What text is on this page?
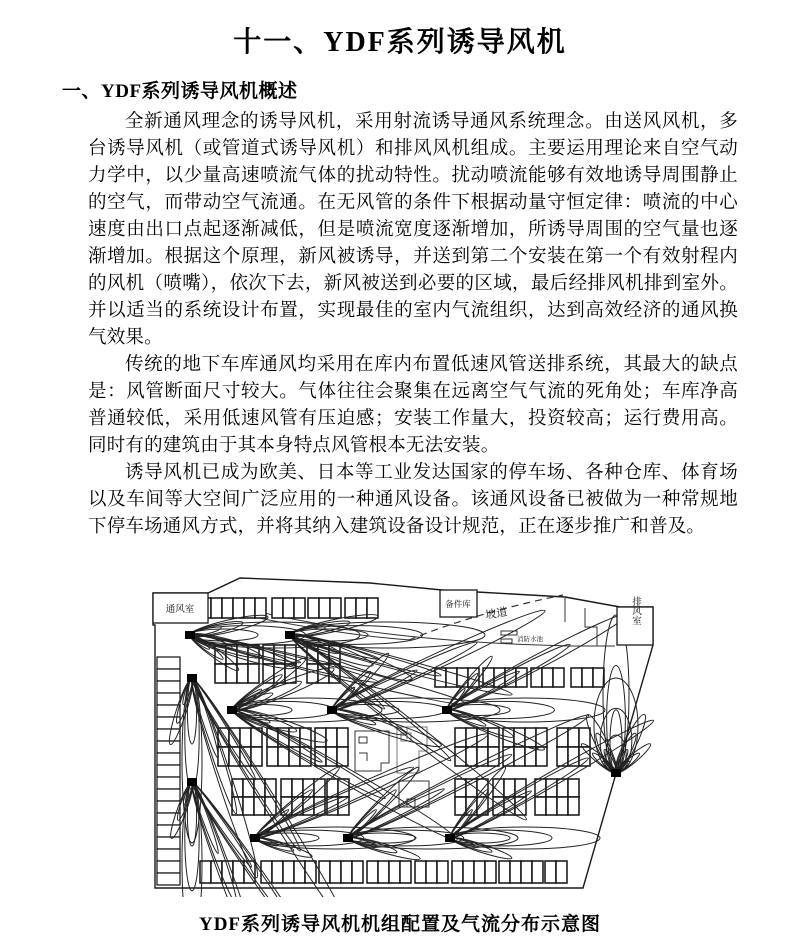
十一、YDF系列诱导风机
一、YDF系列诱导风机概述

全新通风理念的诱导风机，采用射流诱导通风系统理念。由送风风机，多台诱导风机（或管道式诱导风机）和排风风机组成。主要运用理论来自空气动力学中，以少量高速喷流气体的扰动特性。扰动喷流能够有效地诱导周围静止的空气，而带动空气流通。在无风管的条件下根据动量守恒定律：喷流的中心速度由出口点起逐渐减低，但是喷流宽度逐渐增加，所诱导周围的空气量也逐渐增加。根据这个原理，新风被诱导，并送到第二个安装在第一个有效射程内的风机（喷嘴），依次下去，新风被送到必要的区域，最后经排风机排到室外。并以适当的系统设计布置，实现最佳的室内气流组织，达到高效经济的通风换气效果。

传统的地下车库通风均采用在库内布置低速风管送排系统，其最大的缺点是：风管断面尺寸较大。气体往往会聚集在远离空气气流的死角处；车库净高普通较低，采用低速风管有压迫感；安装工作量大，投资较高；运行费用高。同时有的建筑由于其本身特点风管根本无法安装。

诱导风机已成为欧美、日本等工业发达国家的停车场、各种仓库、体育场以及车间等大空间广泛应用的一种通风设备。该通风设备已被做为一种常规地下停车场通风方式，并将其纳入建筑设备设计规范，正在逐步推广和普及。

通风室
备件库
坡道
消防水池
排风室
YDF系列诱导风机机组配置及气流分布示意图
